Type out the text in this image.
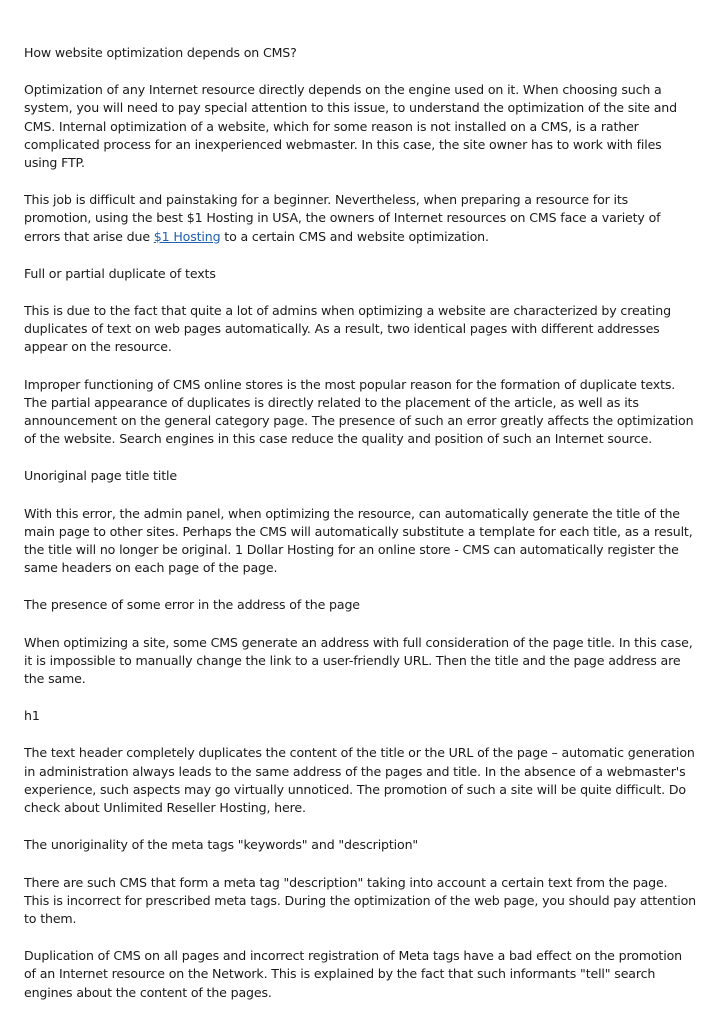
How website optimization depends on CMS?

Optimization of any Internet resource directly depends on the engine used on it. When choosing such a system, you will need to pay special attention to this issue, to understand the optimization of the site and CMS. Internal optimization of a website, which for some reason is not installed on a CMS, is a rather complicated process for an inexperienced webmaster. In this case, the site owner has to work with files using FTP.

This job is difficult and painstaking for a beginner. Nevertheless, when preparing a resource for its promotion, using the best $1 Hosting in USA, the owners of Internet resources on CMS face a variety of errors that arise due $1 Hosting to a certain CMS and website optimization.

Full or partial duplicate of texts

This is due to the fact that quite a lot of admins when optimizing a website are characterized by creating duplicates of text on web pages automatically. As a result, two identical pages with different addresses appear on the resource.

Improper functioning of CMS online stores is the most popular reason for the formation of duplicate texts. The partial appearance of duplicates is directly related to the placement of the article, as well as its announcement on the general category page. The presence of such an error greatly affects the optimization of the website. Search engines in this case reduce the quality and position of such an Internet source.

Unoriginal page title title

With this error, the admin panel, when optimizing the resource, can automatically generate the title of the main page to other sites. Perhaps the CMS will automatically substitute a template for each title, as a result, the title will no longer be original. 1 Dollar Hosting for an online store - CMS can automatically register the same headers on each page of the page.

The presence of some error in the address of the page

When optimizing a site, some CMS generate an address with full consideration of the page title. In this case, it is impossible to manually change the link to a user-friendly URL. Then the title and the page address are the same.

h1

The text header completely duplicates the content of the title or the URL of the page – automatic generation in administration always leads to the same address of the pages and title. In the absence of a webmaster's experience, such aspects may go virtually unnoticed. The promotion of such a site will be quite difficult. Do check about Unlimited Reseller Hosting, here.

The unoriginality of the meta tags "keywords" and "description"

There are such CMS that form a meta tag "description" taking into account a certain text from the page. This is incorrect for prescribed meta tags. During the optimization of the web page, you should pay attention to them.

Duplication of CMS on all pages and incorrect registration of Meta tags have a bad effect on the promotion of an Internet resource on the Network. This is explained by the fact that such informants "tell" search engines about the content of the pages.
